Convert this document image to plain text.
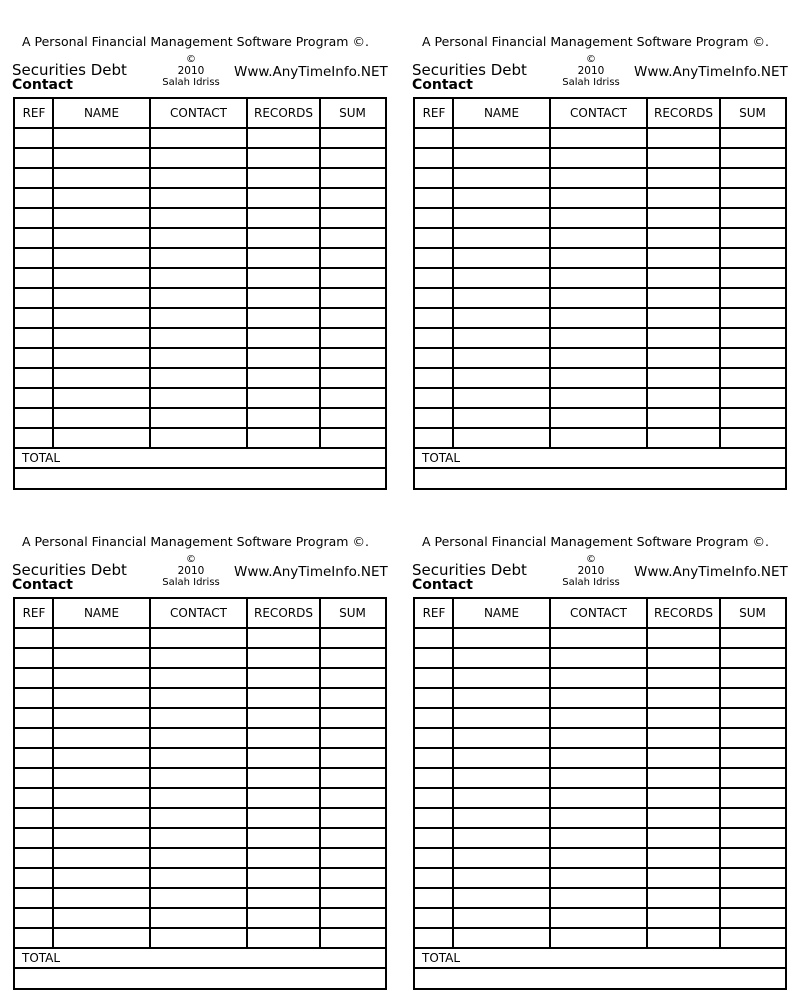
A Personal Financial Management Software Program ©.
Securities Debt
Contact
©
2010
Salah Idriss
Www.AnyTimeInfo.NET
REF	NAME	CONTACT	RECORDS	SUM
TOTAL
A Personal Financial Management Software Program ©.
Securities Debt
Contact
©
2010
Salah Idriss
Www.AnyTimeInfo.NET
REF	NAME	CONTACT	RECORDS	SUM
TOTAL
A Personal Financial Management Software Program ©.
Securities Debt
Contact
©
2010
Salah Idriss
Www.AnyTimeInfo.NET
REF	NAME	CONTACT	RECORDS	SUM
TOTAL
A Personal Financial Management Software Program ©.
Securities Debt
Contact
©
2010
Salah Idriss
Www.AnyTimeInfo.NET
REF	NAME	CONTACT	RECORDS	SUM
TOTAL
